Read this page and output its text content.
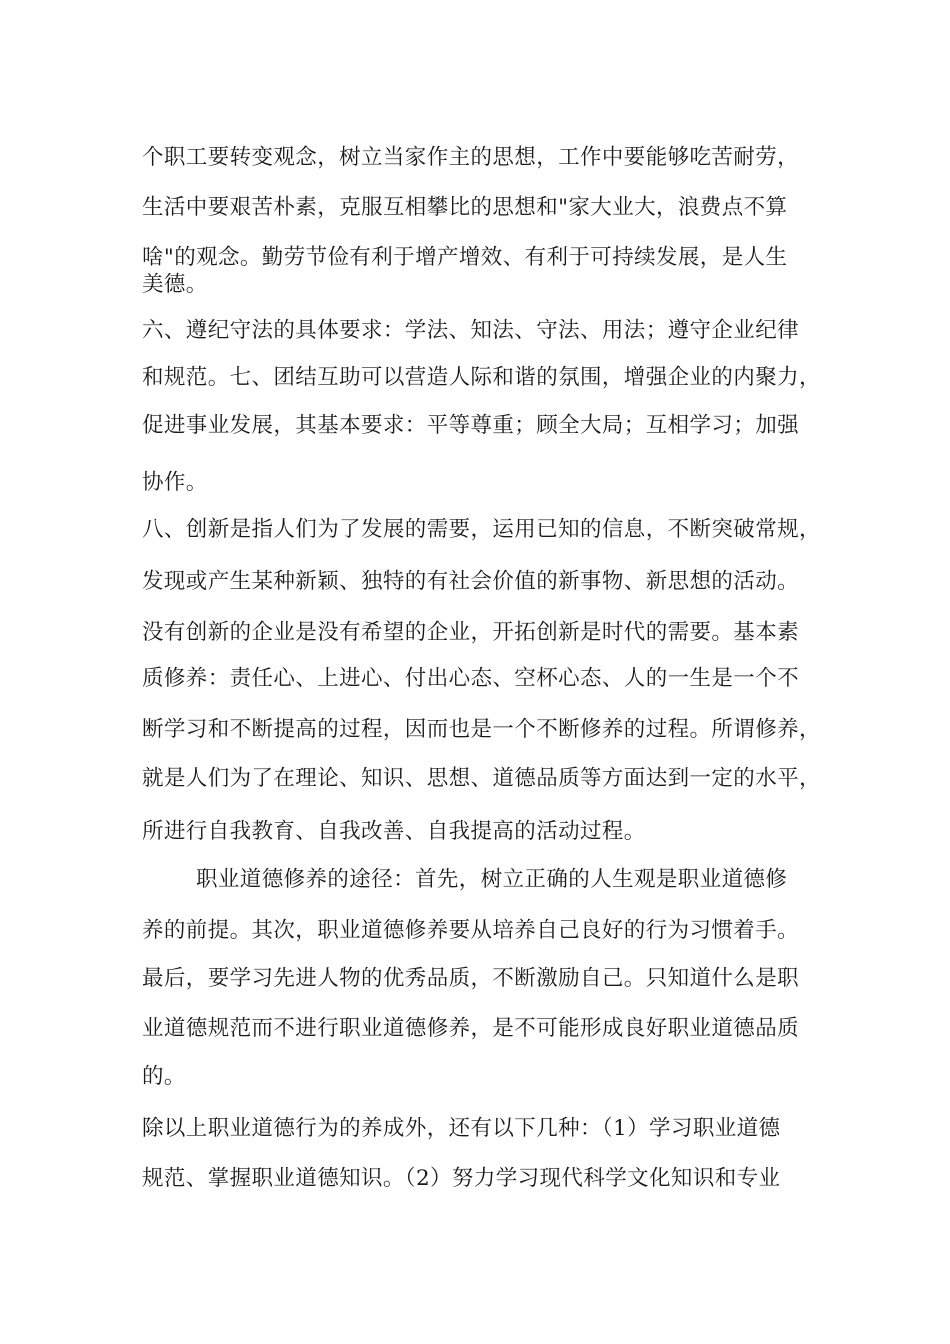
个职工要转变观念，树立当家作主的思想，工作中要能够吃苦耐劳，
生活中要艰苦朴素，克服互相攀比的思想和"家大业大，浪费点不算
啥"的观念。勤劳节俭有利于增产增效、有利于可持续发展，是人生
美德。
六、遵纪守法的具体要求：学法、知法、守法、用法；遵守企业纪律
和规范。七、团结互助可以营造人际和谐的氛围，增强企业的内聚力，
促进事业发展，其基本要求：平等尊重；顾全大局；互相学习；加强
协作。
八、创新是指人们为了发展的需要，运用已知的信息，不断突破常规，
发现或产生某种新颖、独特的有社会价值的新事物、新思想的活动。
没有创新的企业是没有希望的企业，开拓创新是时代的需要。基本素
质修养：责任心、上进心、付出心态、空杯心态、人的一生是一个不
断学习和不断提高的过程，因而也是一个不断修养的过程。所谓修养，
就是人们为了在理论、知识、思想、道德品质等方面达到一定的水平，
所进行自我教育、自我改善、自我提高的活动过程。
职业道德修养的途径：首先，树立正确的人生观是职业道德修
养的前提。其次，职业道德修养要从培养自己良好的行为习惯着手。
最后，要学习先进人物的优秀品质，不断激励自己。只知道什么是职
业道德规范而不进行职业道德修养，是不可能形成良好职业道德品质
的。
除以上职业道德行为的养成外，还有以下几种：（1）学习职业道德
规范、掌握职业道德知识。（2）努力学习现代科学文化知识和专业
